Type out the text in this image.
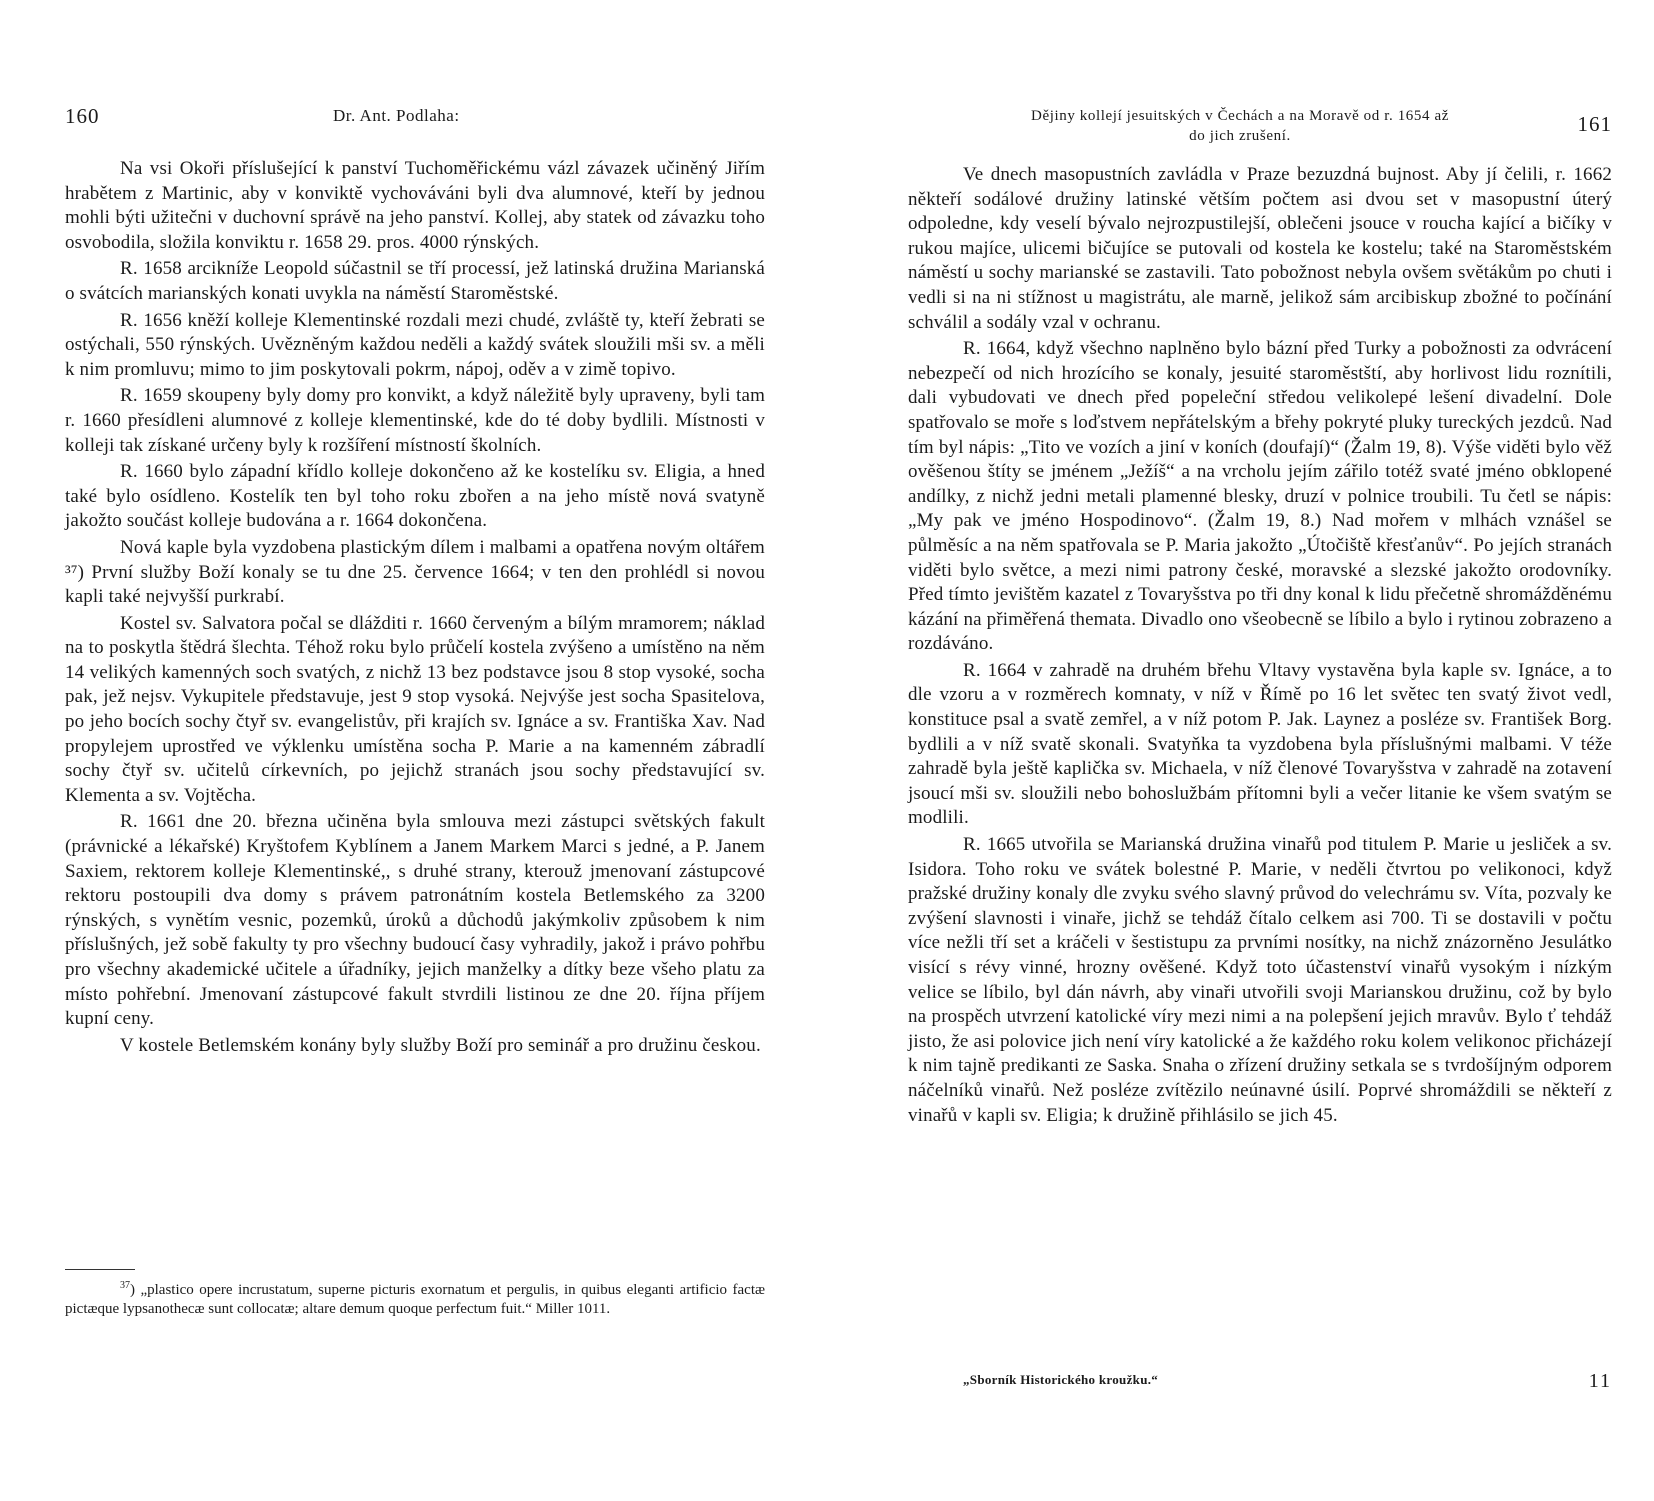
160	Dr. Ant. Podlaha:

Na vsi Okoři příslušející k panství Tuchoměřickému vázl závazek učiněný Jiřím hrabětem z Martinic, aby v konviktě vychováváni byli dva alumnové, kteří by jednou mohli býti užitečni v duchovní správě na jeho panství. Kollej, aby statek od závazku toho osvobodila, složila konviktu r. 1658 29. pros. 4000 rýnských.

R. 1658 arcikníže Leopold súčastnil se tří processí, jež latinská družina Marianská o svátcích marianských konati uvykla na náměstí Staroměstské.

R. 1656 kněží kolleje Klementinské rozdali mezi chudé, zvláště ty, kteří žebrati se ostýchali, 550 rýnských. Uvězněným každou neděli a každý svátek sloužili mši sv. a měli k nim promluvu; mimo to jim poskytovali pokrm, nápoj, oděv a v zimě topivo.

R. 1659 skoupeny byly domy pro konvikt, a když náležitě byly upraveny, byli tam r. 1660 přesídleni alumnové z kolleje klementinské, kde do té doby bydlili. Místnosti v kolleji tak získané určeny byly k rozšíření místností školních.

R. 1660 bylo západní křídlo kolleje dokončeno až ke kostelíku sv. Eligia, a hned také bylo osídleno. Kostelík ten byl toho roku zbořen a na jeho místě nová svatyně jakožto součást kolleje budována a r. 1664 dokončena.

Nová kaple byla vyzdobena plastickým dílem i malbami a opatřena novým oltářem ³⁷) První služby Boží konaly se tu dne 25. července 1664; v ten den prohlédl si novou kapli také nejvyšší purkrabí.

Kostel sv. Salvatora počal se dlážditi r. 1660 červeným a bílým mramorem; náklad na to poskytla štědrá šlechta. Téhož roku bylo průčelí kostela zvýšeno a umístěno na něm 14 velikých kamenných soch svatých, z nichž 13 bez podstavce jsou 8 stop vysoké, socha pak, jež nejsv. Vykupitele představuje, jest 9 stop vysoká. Nejvýše jest socha Spasitelova, po jeho bocích sochy čtyř sv. evangelistův, při krajích sv. Ignáce a sv. Františka Xav. Nad propylejem uprostřed ve výklenku umístěna socha P. Marie a na kamenném zábradlí sochy čtyř sv. učitelů církevních, po jejichž stranách jsou sochy představující sv. Klementa a sv. Vojtěcha.

R. 1661 dne 20. března učiněna byla smlouva mezi zástupci světských fakult (právnické a lékařské) Kryštofem Kyblínem a Janem Markem Marci s jedné, a P. Janem Saxiem, rektorem kolleje Klementinské,, s druhé strany, kterouž jmenovaní zástupcové rektoru postoupili dva domy s právem patronátním kostela Betlemského za 3200 rýnských, s vynětím vesnic, pozemků, úroků a důchodů jakýmkoliv způsobem k nim příslušných, jež sobě fakulty ty pro všechny budoucí časy vyhradily, jakož i právo pohřbu pro všechny akademické učitele a úřadníky, jejich manželky a dítky beze všeho platu za místo pohřební. Jmenovaní zástupcové fakult stvrdili listinou ze dne 20. října příjem kupní ceny.

V kostele Betlemském konány byly služby Boží pro seminář a pro družinu českou.

$^{37}$) „plastico opere incrustatum, superne picturis exornatum et pergulis, in quibus eleganti artificio factæ pictæque lypsanothecæ sunt collocatæ; altare demum quoque perfectum fuit.“ Miller 1011.

Dějiny kollejí jesuitských v Čechách a na Moravě od r. 1654 až
do jich zrušení.	161

Ve dnech masopustních zavládla v Praze bezuzdná bujnost. Aby jí čelili, r. 1662 někteří sodálové družiny latinské větším počtem asi dvou set v masopustní úterý odpoledne, kdy veselí bývalo nejrozpustilejší, oblečeni jsouce v roucha kající a bičíky v rukou majíce, ulicemi bičujíce se putovali od kostela ke kostelu; také na Staroměstském náměstí u sochy marianské se zastavili. Tato pobožnost nebyla ovšem světákům po chuti i vedli si na ni stížnost u magistrátu, ale marně, jelikož sám arcibiskup zbožné to počínání schválil a sodály vzal v ochranu.

R. 1664, když všechno naplněno bylo bázní před Turky a pobožnosti za odvrácení nebezpečí od nich hrozícího se konaly, jesuité staroměstští, aby horlivost lidu roznítili, dali vybudovati ve dnech před popeleční středou velikolepé lešení divadelní. Dole spatřovalo se moře s loďstvem nepřátelským a břehy pokryté pluky tureckých jezdců. Nad tím byl nápis: „Tito ve vozích a jiní v koních (doufají)“ (Žalm 19, 8). Výše viděti bylo věž ověšenou štíty se jménem „Ježíš“ a na vrcholu jejím zářilo totéž svaté jméno obklopené andílky, z nichž jedni metali plamenné blesky, druzí v polnice troubili. Tu četl se nápis: „My pak ve jméno Hospodinovo“. (Žalm 19, 8.) Nad mořem v mlhách vznášel se půlměsíc a na něm spatřovala se P. Maria jakožto „Útočiště křesťanův“. Po jejích stranách viděti bylo světce, a mezi nimi patrony české, moravské a slezské jakožto orodovníky. Před tímto jevištěm kazatel z Tovaryšstva po tři dny konal k lidu přečetně shromážděnému kázání na přiměřená themata. Divadlo ono všeobecně se líbilo a bylo i rytinou zobrazeno a rozdáváno.

R. 1664 v zahradě na druhém břehu Vltavy vystavěna byla kaple sv. Ignáce, a to dle vzoru a v rozměrech komnaty, v níž v Římě po 16 let světec ten svatý život vedl, konstituce psal a svatě zemřel, a v níž potom P. Jak. Laynez a posléze sv. František Borg. bydlili a v níž svatě skonali. Svatyňka ta vyzdobena byla příslušnými malbami. V téže zahradě byla ještě kaplička sv. Michaela, v níž členové Tovaryšstva v zahradě na zotavení jsoucí mši sv. sloužili nebo bohoslužbám přítomni byli a večer litanie ke všem svatým se modlili.

R. 1665 utvořila se Marianská družina vinařů pod titulem P. Marie u jesliček a sv. Isidora. Toho roku ve svátek bolestné P. Marie, v neděli čtvrtou po velikonoci, když pražské družiny konaly dle zvyku svého slavný průvod do velechrámu sv. Víta, pozvaly ke zvýšení slavnosti i vinaře, jichž se tehdáž čítalo celkem asi 700. Ti se dostavili v počtu více nežli tří set a kráčeli v šestistupu za prvními nosítky, na nichž znázorněno Jesulátko visící s révy vinné, hrozny ověšené. Když toto účastenství vinařů vysokým i nízkým velice se líbilo, byl dán návrh, aby vinaři utvořili svoji Marianskou družinu, což by bylo na prospěch utvrzení katolické víry mezi nimi a na polepšení jejich mravův. Bylo ť tehdáž jisto, že asi polovice jich není víry katolické a že každého roku kolem velikonoc přicházejí k nim tajně predikanti ze Saska. Snaha o zřízení družiny setkala se s tvrdošíjným odporem náčelníků vinařů. Než posléze zvítězilo neúnavné úsilí. Poprvé shromáždili se někteří z vinařů v kapli sv. Eligia; k družině přihlásilo se jich 45.

„Sborník Historického kroužku.“	11
